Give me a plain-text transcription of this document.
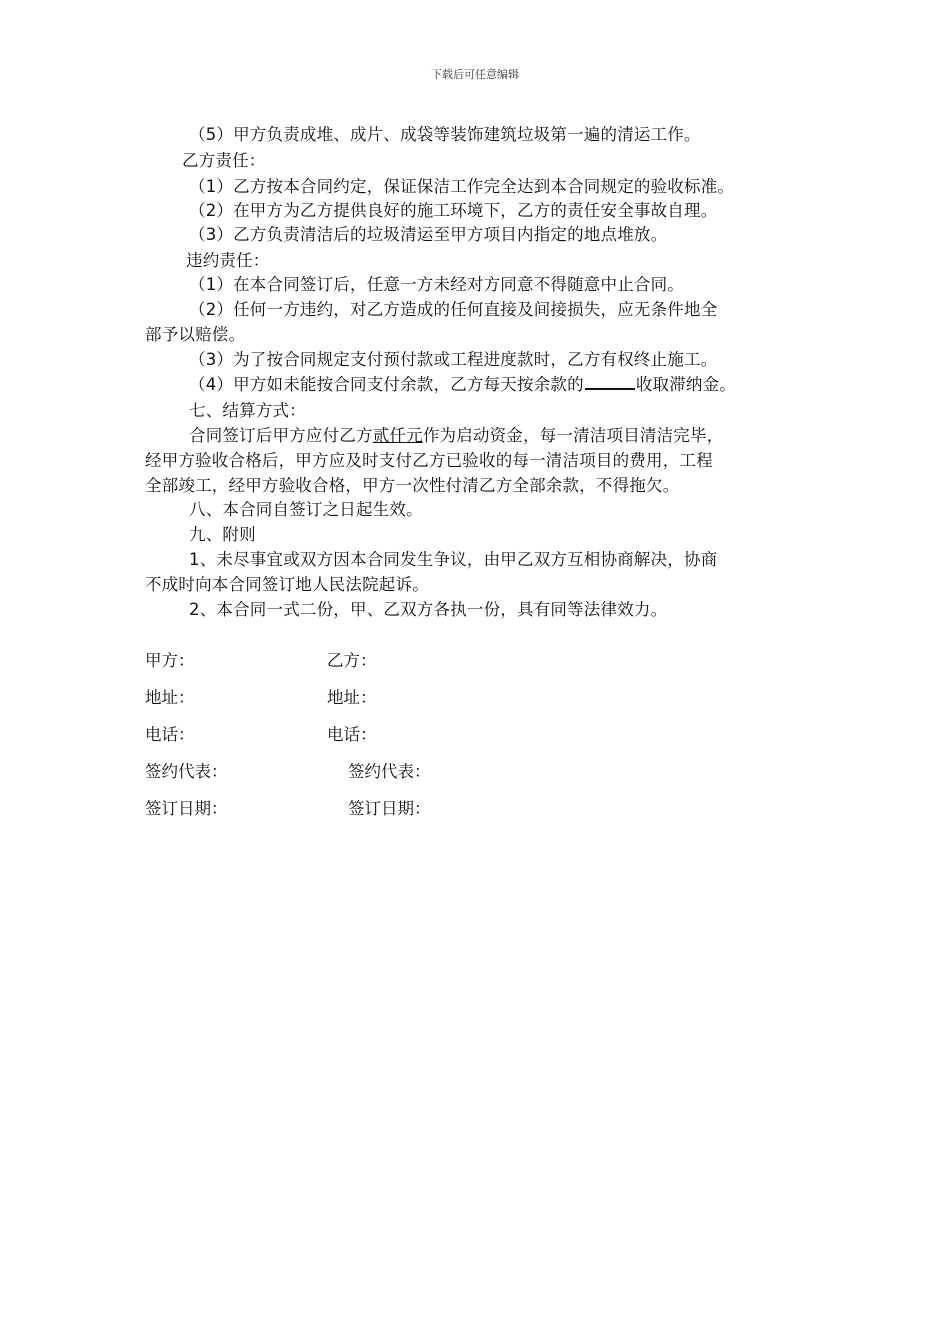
下载后可任意编辑
（5）甲方负责成堆、成片、成袋等装饰建筑垃圾第一遍的清运工作。
乙方责任：
（1）乙方按本合同约定，保证保洁工作完全达到本合同规定的验收标准。
（2）在甲方为乙方提供良好的施工环境下，乙方的责任安全事故自理。
（3）乙方负责清洁后的垃圾清运至甲方项目内指定的地点堆放。
违约责任：
（1）在本合同签订后，任意一方未经对方同意不得随意中止合同。
（2）任何一方违约，对乙方造成的任何直接及间接损失，应无条件地全
部予以赔偿。
（3）为了按合同规定支付预付款或工程进度款时，乙方有权终止施工。
（4）甲方如未能按合同支付余款，乙方每天按余款的	收取滞纳金。
七、结算方式：
合同签订后甲方应付乙方贰仟元作为启动资金，每一清洁项目清洁完毕，
经甲方验收合格后，甲方应及时支付乙方已验收的每一清洁项目的费用，工程
全部竣工，经甲方验收合格，甲方一次性付清乙方全部余款，不得拖欠。
八、本合同自签订之日起生效。
九、附则
1、未尽事宜或双方因本合同发生争议，由甲乙双方互相协商解决，协商
不成时向本合同签订地人民法院起诉。
2、本合同一式二份，甲、乙双方各执一份，具有同等法律效力。
甲方：	乙方：
地址：	地址：
电话：	电话：
签约代表：	签约代表：
签订日期：	签订日期：
